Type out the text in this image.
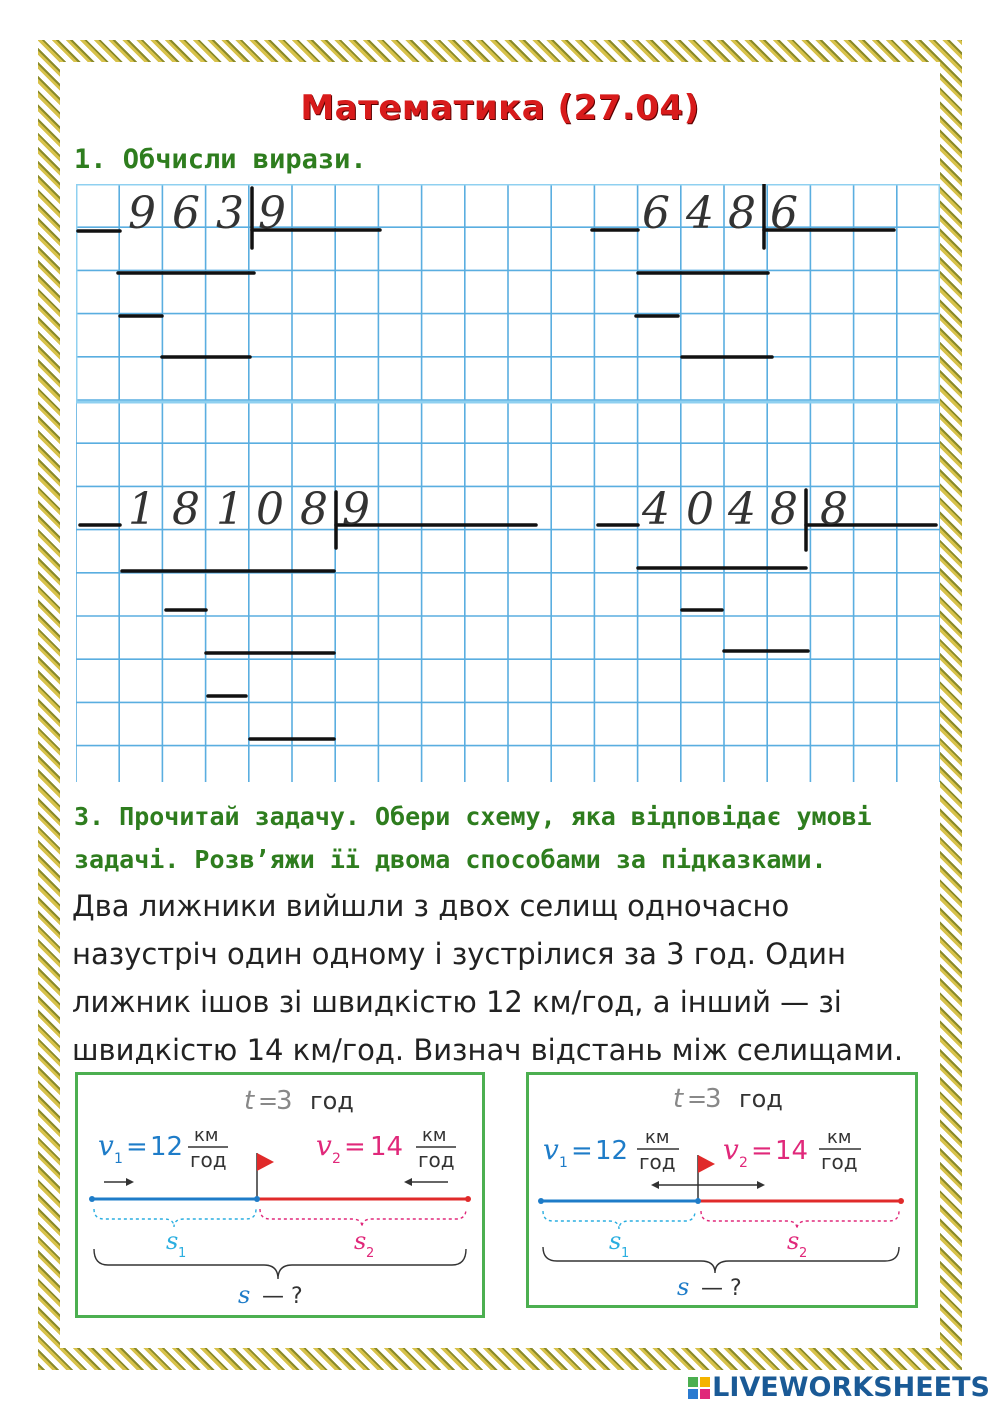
Математика (27.04)
1. Обчисли вирази.
9 6 3 9	6 4 8 6
1 8 1 0 8 9	4 0 4 8 8
3. Прочитай задачу. Обери схему, яка відповідає умові
задачі. Розв’яжи її двома способами за підказками.
Два лижники вийшли з двох селищ одночасно
назустріч один одному і зустрілися за 3 год. Один
лижник ішов зі швидкістю 12 км/год, а інший — зі
швидкістю 14 км/год. Визнач відстань між селищами.
t =
3 год
v 1 = 12 км
год	v 2 = 14 км
год
s 1	s 2
s — ?
t =
3 год
v 1 = 12 км
год v 2 = 14 км
год
s 1	s 2
s — ?
LIVEWORKSHEETS
